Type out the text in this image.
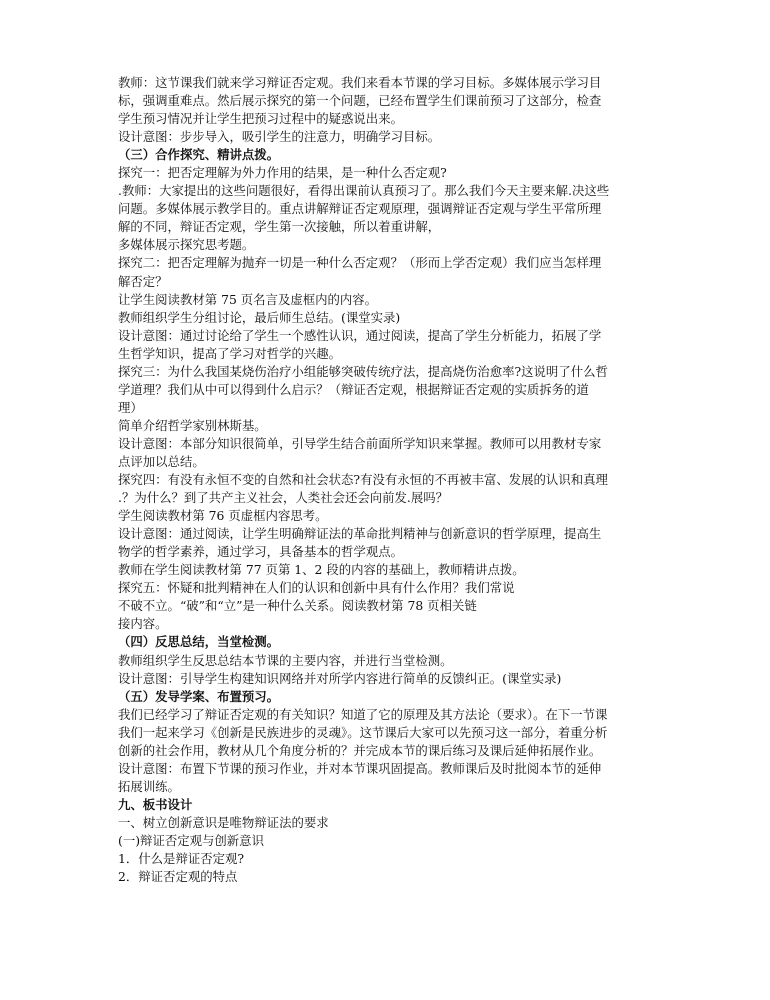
教师：这节课我们就来学习辩证否定观。我们来看本节课的学习目标。多媒体展示学习目
标，强调重难点。然后展示探究的第一个问题，已经布置学生们课前预习了这部分，检查
学生预习情况并让学生把预习过程中的疑惑说出来。
设计意图：步步导入，吸引学生的注意力，明确学习目标。
（三）合作探究、精讲点拨。
探究一：把否定理解为外力作用的结果，是一种什么否定观?
.教师：大家提出的这些问题很好，看得出课前认真预习了。那么我们今天主要来解.决这些
问题。多媒体展示教学目的。重点讲解辩证否定观原理，强调辩证否定观与学生平常所理
解的不同，辩证否定观，学生第一次接触，所以着重讲解，
多媒体展示探究思考题。
探究二：把否定理解为抛弃一切是一种什么否定观？（形而上学否定观）我们应当怎样理
解否定？
让学生阅读教材第 75 页名言及虚框内的内容。
教师组织学生分组讨论，最后师生总结。(课堂实录)
设计意图：通过讨论给了学生一个感性认识，通过阅读，提高了学生分析能力，拓展了学
生哲学知识，提高了学习对哲学的兴趣。
探究三：为什么我国某烧伤治疗小组能够突破传统疗法，提高烧伤治愈率?这说明了什么哲
学道理？我们从中可以得到什么启示？（辩证否定观，根据辩证否定观的实质拆务的道
理）
简单介绍哲学家别林斯基。
设计意图：本部分知识很简单，引导学生结合前面所学知识来掌握。教师可以用教材专家
点评加以总结。
探究四：有没有永恒不变的自然和社会状态?有没有永恒的不再被丰富、发展的认识和真理
.？为什么？到了共产主义社会，人类社会还会向前发.展吗？
学生阅读教材第 76 页虚框内容思考。
设计意图：通过阅读，让学生明确辩证法的革命批判精神与创新意识的哲学原理，提高生
物学的哲学素养，通过学习，具备基本的哲学观点。
教师在学生阅读教材第 77 页第 1、2 段的内容的基础上，教师精讲点拨。
探究五：怀疑和批判精神在人们的认识和创新中具有什么作用？我们常说
不破不立。“破”和“立”是一种什么关系。阅读教材第 78 页相关链
接内容。
（四）反思总结，当堂检测。
教师组织学生反思总结本节课的主要内容，并进行当堂检测。
设计意图：引导学生构建知识网络并对所学内容进行简单的反馈纠正。(课堂实录)
（五）发导学案、布置预习。
我们已经学习了辩证否定观的有关知识？知道了它的原理及其方法论（要求）。在下一节课
我们一起来学习《创新是民族进步的灵魂》。这节课后大家可以先预习这一部分，着重分析
创新的社会作用，教材从几个角度分析的？并完成本节的课后练习及课后延伸拓展作业。
设计意图：布置下节课的预习作业，并对本节课巩固提高。教师课后及时批阅本节的延伸
拓展训练。
九、板书设计
一、树立创新意识是唯物辩证法的要求
(一)辩证否定观与创新意识
1．什么是辩证否定观?
2．辩证否定观的特点
